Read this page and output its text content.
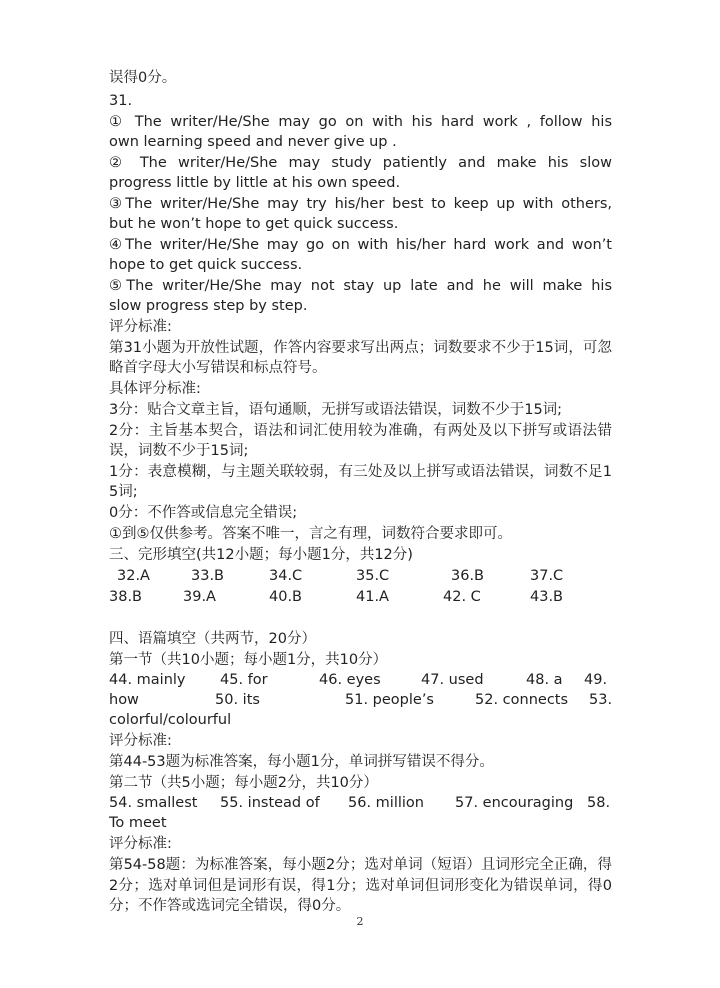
误得0分。
31.
① The writer/He/She may go on with his hard work , follow his
own learning speed and never give up .
② The writer/He/She may study patiently and make his slow
progress little by little at his own speed.
③The writer/He/She may try his/her best to keep up with others,
but he won’t hope to get quick success.
④The writer/He/She may go on with his/her hard work and won’t
hope to get quick success.
⑤The writer/He/She may not stay up late and he will make his
slow progress step by step.
评分标准:
第31小题为开放性试题，作答内容要求写出两点；词数要求不少于15词，可忽
略首字母大小写错误和标点符号。
具体评分标准:
3分：贴合文章主旨，语句通顺，无拼写或语法错误，词数不少于15词;
2分：主旨基本契合，语法和词汇使用较为准确，有两处及以下拼写或语法错
误，词数不少于15词;
1分：表意模糊，与主题关联较弱，有三处及以上拼写或语法错误，词数不足1
5词;
0分：不作答或信息完全错误;
①到⑤仅供参考。答案不唯一，言之有理，词数符合要求即可。
三、完形填空(共12小题；每小题1分，共12分)
32.A	33.B	34.C	35.C	36.B	37.C
38.B	39.A	40.B	41.A	42. C	43.B
四、语篇填空（共两节，20分）
第一节（共10小题；每小题1分，共10分）
44. mainly 45. for	46. eyes	47. used	48. a 49.
how	50. its	51. people’s	52. connects 53.
colorful/colourful
评分标准:
第44-53题为标准答案，每小题1分，单词拼写错误不得分。
第二节（共5小题；每小题2分，共10分）
54. smallest 55. instead of 56. million 57. encouraging 58.
To meet
评分标准:
第54-58题：为标准答案，每小题2分；选对单词（短语）且词形完全正确，得
2分；选对单词但是词形有误，得1分；选对单词但词形变化为错误单词，得0
分；不作答或选词完全错误，得0分。
2
